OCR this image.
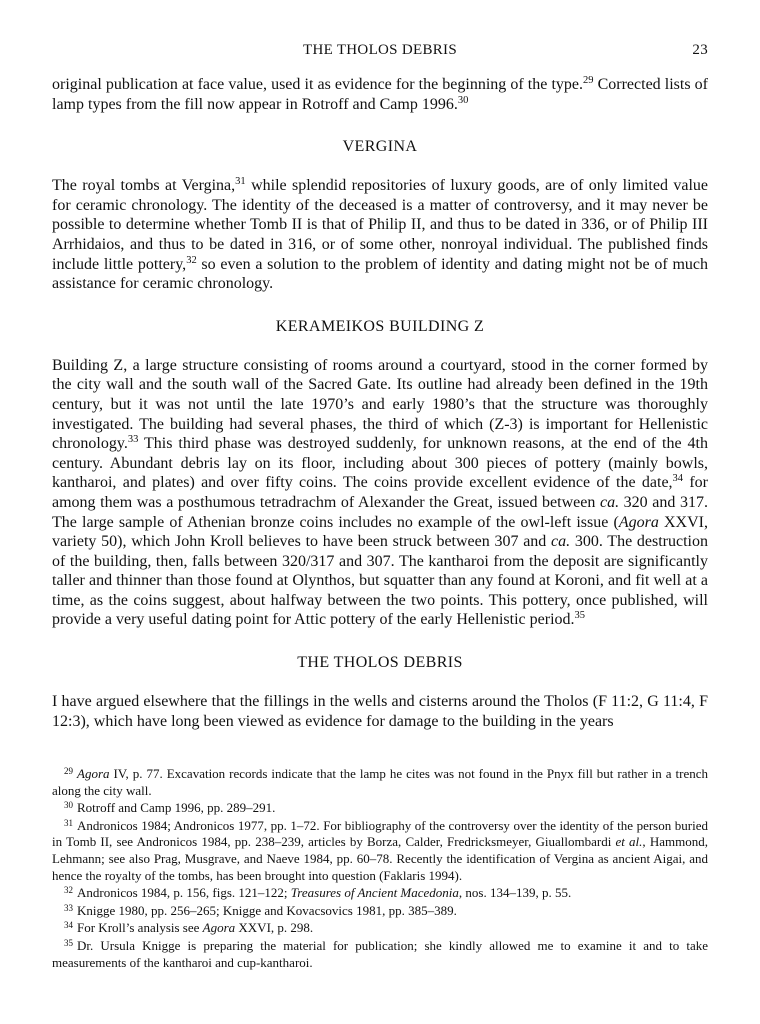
THE THOLOS DEBRIS	23

original publication at face value, used it as evidence for the beginning of the type.$^{29}$ Corrected lists of lamp types from the fill now appear in Rotroff and Camp 1996.30

VERGINA

The royal tombs at Vergina,$^{31}$ while splendid repositories of luxury goods, are of only limited value for ceramic chronology. The identity of the deceased is a matter of controversy, and it may never be possible to determine whether Tomb II is that of Philip II, and thus to be dated in 336, or of Philip III Arrhidaios, and thus to be dated in 316, or of some other, nonroyal individual. The published finds include little pottery,$^{32}$ so even a solution to the problem of identity and dating might not be of much assistance for ceramic chronology.

KERAMEIKOS BUILDING Z

Building Z, a large structure consisting of rooms around a courtyard, stood in the corner formed by the city wall and the south wall of the Sacred Gate. Its outline had already been defined in the 19th century, but it was not until the late 1970’s and early 1980’s that the structure was thoroughly investigated. The building had several phases, the third of which (Z-3) is important for Hellenistic chronology.$^{33}$ This third phase was destroyed suddenly, for unknown reasons, at the end of the 4th century. Abundant debris lay on its floor, including about 300 pieces of pottery (mainly bowls, kantharoi, and plates) and over fifty coins. The coins provide excellent evidence of the date,$^{34}$ for among them was a posthumous tetradrachm of Alexander the Great, issued between ca. 320 and 317. The large sample of Athenian bronze coins includes no example of the owl-left issue (Agora XXVI, variety 50), which John Kroll believes to have been struck between 307 and ca. 300. The destruction of the building, then, falls between 320/317 and 307. The kantharoi from the deposit are significantly taller and thinner than those found at Olynthos, but squatter than any found at Koroni, and fit well at a time, as the coins suggest, about halfway between the two points. This pottery, once published, will provide a very useful dating point for Attic pottery of the early Hellenistic period.$^{35}$

THE THOLOS DEBRIS

I have argued elsewhere that the fillings in the wells and cisterns around the Tholos (F 11:2, G 11:4, F 12:3), which have long been viewed as evidence for damage to the building in the years

$^{29}$ Agora IV, p. 77. Excavation records indicate that the lamp he cites was not found in the Pnyx fill but rather in a trench along the city wall.

$^{30}$ Rotroff and Camp 1996, pp. 289–291.

$^{31}$ Andronicos 1984; Andronicos 1977, pp. 1–72. For bibliography of the controversy over the identity of the person buried in Tomb II, see Andronicos 1984, pp. 238–239, articles by Borza, Calder, Fredricksmeyer, Giuallombardi et al., Hammond, Lehmann; see also Prag, Musgrave, and Naeve 1984, pp. 60–78. Recently the identification of Vergina as ancient Aigai, and hence the royalty of the tombs, has been brought into question (Faklaris 1994).

$^{32}$ Andronicos 1984, p. 156, figs. 121–122; Treasures of Ancient Macedonia, nos. 134–139, p. 55.

$^{33}$ Knigge 1980, pp. 256–265; Knigge and Kovacsovics 1981, pp. 385–389.

$^{34}$ For Kroll’s analysis see Agora XXVI, p. 298.

$^{35}$ Dr. Ursula Knigge is preparing the material for publication; she kindly allowed me to examine it and to take measurements of the kantharoi and cup-kantharoi.
